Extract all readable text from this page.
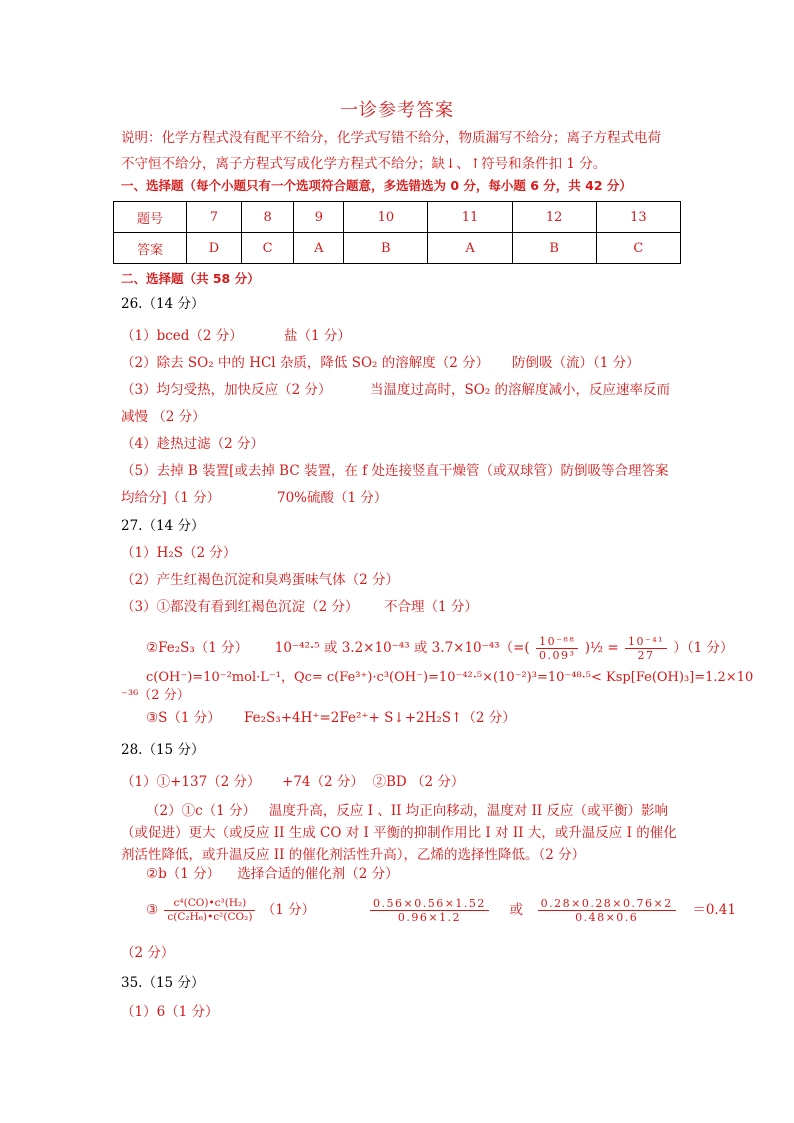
一诊参考答案
说明：化学方程式没有配平不给分，化学式写错不给分，物质漏写不给分；离子方程式电荷
不守恒不给分，离子方程式写成化学方程式不给分；缺↓、↑符号和条件扣 1 分。
一、选择题（每个小题只有一个选项符合题意，多选错选为 0 分，每小题 6 分，共 42 分）
题号	7	8	9	10	11	12	13
答案	D	C	A	B	A	B	C
二、选择题（共 58 分）
26.（14 分）
（1）bced（2 分）	盐（1 分）
（2）除去 SO₂ 中的 HCl 杂质，降低 SO₂ 的溶解度（2 分） 防倒吸（流）（1 分）
（3）均匀受热，加快反应（2 分）	当温度过高时，SO₂ 的溶解度减小，反应速率反而
减慢 （2 分）
（4）趁热过滤（2 分）
（5）去掉 B 装置[或去掉 BC 装置，在 f 处连接竖直干燥管（或双球管）防倒吸等合理答案
均给分]（1 分）	70%硫酸（1 分）
27.（14 分）
（1）H₂S（2 分）
（2）产生红褐色沉淀和臭鸡蛋味气体（2 分）
（3）①都没有看到红褐色沉淀（2 分） 不合理（1 分）
②Fe₂S₃（1 分） 10⁻⁴²·⁵ 或 3.2×10⁻⁴³ 或 $3.7\times 10^{-43}(=( \frac{\text{10⁻⁸⁸}}{\text{0.09³}}$ )½ = $\frac{\text{10⁻⁴¹}}{27} )(1$ 分）
c(OH⁻)=10⁻²mol·L⁻¹，Qc= c(Fe³⁺)·c³(OH⁻)=10⁻⁴²·⁵×(10⁻²)³=10⁻⁴⁸·⁵< Ksp[Fe(OH)₃]=1.2×10
⁻³⁶（2 分）
③S（1 分） Fe₂S₃+4H⁺=2Fe²⁺+ S↓+2H₂S↑（2 分）
28.（15 分）
（1）①+137（2 分）     +74（2 分）  ②BD （2 分）
（2）①c（1 分）   温度升高，反应 I 、II 均正向移动，温度对 II 反应（或平衡）影响
（或促进）更大（或反应 II 生成 CO 对 I 平衡的抑制作用比 I 对 II 大，或升温反应 I 的催化
剂活性降低，或升温反应 II 的催化剂活性升高），乙烯的选择性降低。（2 分）
②b（1 分）    选择合适的催化剂（2 分）
③ $\frac{\text{c⁴(CO)•c³(H₂)}}{\text{c(C₂H₆)•c²(CO₂)}} (1$ 分）	$\frac{0.56\times 0.56\times 1.52}{0.96\times 1.2}$ 或 $\frac{0.28\times 0.28\times 0.76\times 2}{0.48\times 0.6} =0.41$
（2 分）
35.（15 分）
（1）6（1 分）
